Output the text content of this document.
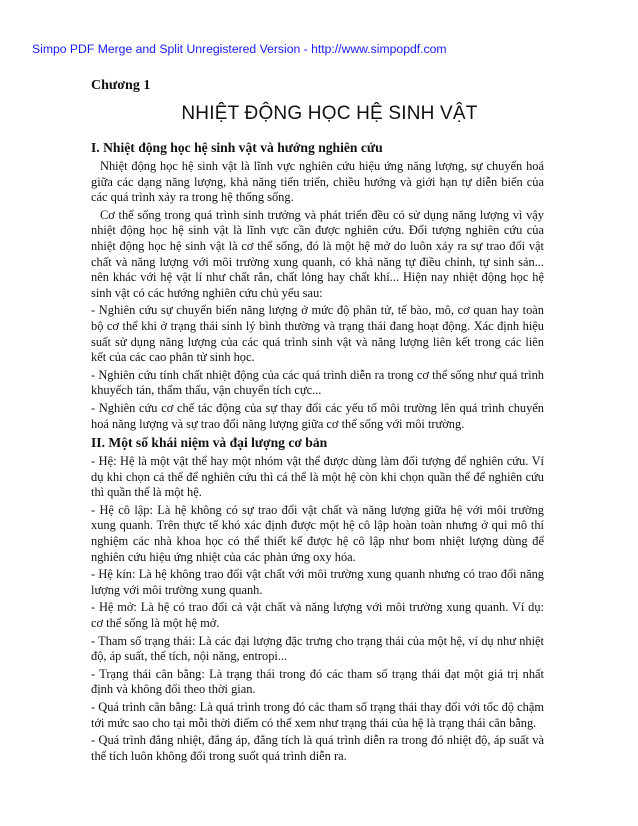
Simpo PDF Merge and Split Unregistered Version - http://www.simpopdf.com
Chương 1
NHIỆT ĐỘNG HỌC HỆ SINH VẬT
I. Nhiệt động học hệ sinh vật và hướng nghiên cứu

Nhiệt động học hệ sinh vật là lĩnh vực nghiên cứu hiệu ứng năng lượng, sự chuyển hoá giữa các dạng năng lượng, khả năng tiến triển, chiều hướng và giới hạn tự diễn biến của các quá trình xảy ra trong hệ thống sống.

Cơ thể sống trong quá trình sinh trưởng và phát triển đều có sử dụng năng lượng vì vậy nhiệt động học hệ sinh vật là lĩnh vực cần được nghiên cứu. Đối tượng nghiên cứu của nhiệt động học hệ sinh vật là cơ thể sống, đó là một hệ mở do luôn xảy ra sự trao đổi vật chất và năng lượng với môi trường xung quanh, có khả năng tự điều chỉnh, tự sinh sản... nên khác với hệ vật lí như chất rắn, chất lỏng hay chất khí... Hiện nay nhiệt động học hệ sinh vật có các hướng nghiên cứu chủ yếu sau:

- Nghiên cứu sự chuyển biến năng lượng ở mức độ phân tử, tế bào, mô, cơ quan hay toàn bộ cơ thể khi ở trạng thái sinh lý bình thường và trạng thái đang hoạt động. Xác định hiệu suất sử dụng năng lượng của các quá trình sinh vật và năng lượng liên kết trong các liên kết của các cao phân tử sinh học.

- Nghiên cứu tính chất nhiệt động của các quá trình diễn ra trong cơ thể sống như quá trình khuyếch tán, thẩm thấu, vận chuyển tích cực...

- Nghiên cứu cơ chế tác động của sự thay đổi các yếu tố môi trường lên quá trình chuyển hoá năng lượng và sự trao đổi năng lượng giữa cơ thể sống với môi trường.

II. Một số khái niệm và đại lượng cơ bản

- Hệ: Hệ là một vật thể hay một nhóm vật thể được dùng làm đối tượng để nghiên cứu. Ví dụ khi chọn cá thể để nghiên cứu thì cá thể là một hệ còn khi chọn quần thể để nghiên cứu thì quần thể là một hệ.

- Hệ cô lập: Là hệ không có sự trao đổi vật chất và năng lượng giữa hệ với môi trường xung quanh. Trên thực tế khó xác định được một hệ cô lập hoàn toàn nhưng ở qui mô thí nghiệm các nhà khoa học có thể thiết kế được hệ cô lập như bom nhiệt lượng dùng để nghiên cứu hiệu ứng nhiệt của các phản ứng oxy hóa.

- Hệ kín: Là hệ không trao đổi vật chất với môi trường xung quanh nhưng có trao đổi năng lượng với môi trường xung quanh.

- Hệ mở: Là hệ có trao đổi cả vật chất và năng lượng với môi trường xung quanh. Ví dụ: cơ thể sống là một hệ mở.

- Tham số trạng thái: Là các đại lượng đặc trưng cho trạng thái của một hệ, ví dụ như nhiệt độ, áp suất, thể tích, nội năng, entropi...

- Trạng thái cân bằng: Là trạng thái trong đó các tham số trạng thái đạt một giá trị nhất định và không đổi theo thời gian.

- Quá trình cân bằng: Là quá trình trong đó các tham số trạng thái thay đổi với tốc độ chậm tới mức sao cho tại mỗi thời điểm có thể xem như trạng thái của hệ là trạng thái cân bằng.

- Quá trình đẳng nhiệt, đẳng áp, đẳng tích là quá trình diễn ra trong đó nhiệt độ, áp suất và thể tích luôn không đổi trong suốt quá trình diễn ra.
